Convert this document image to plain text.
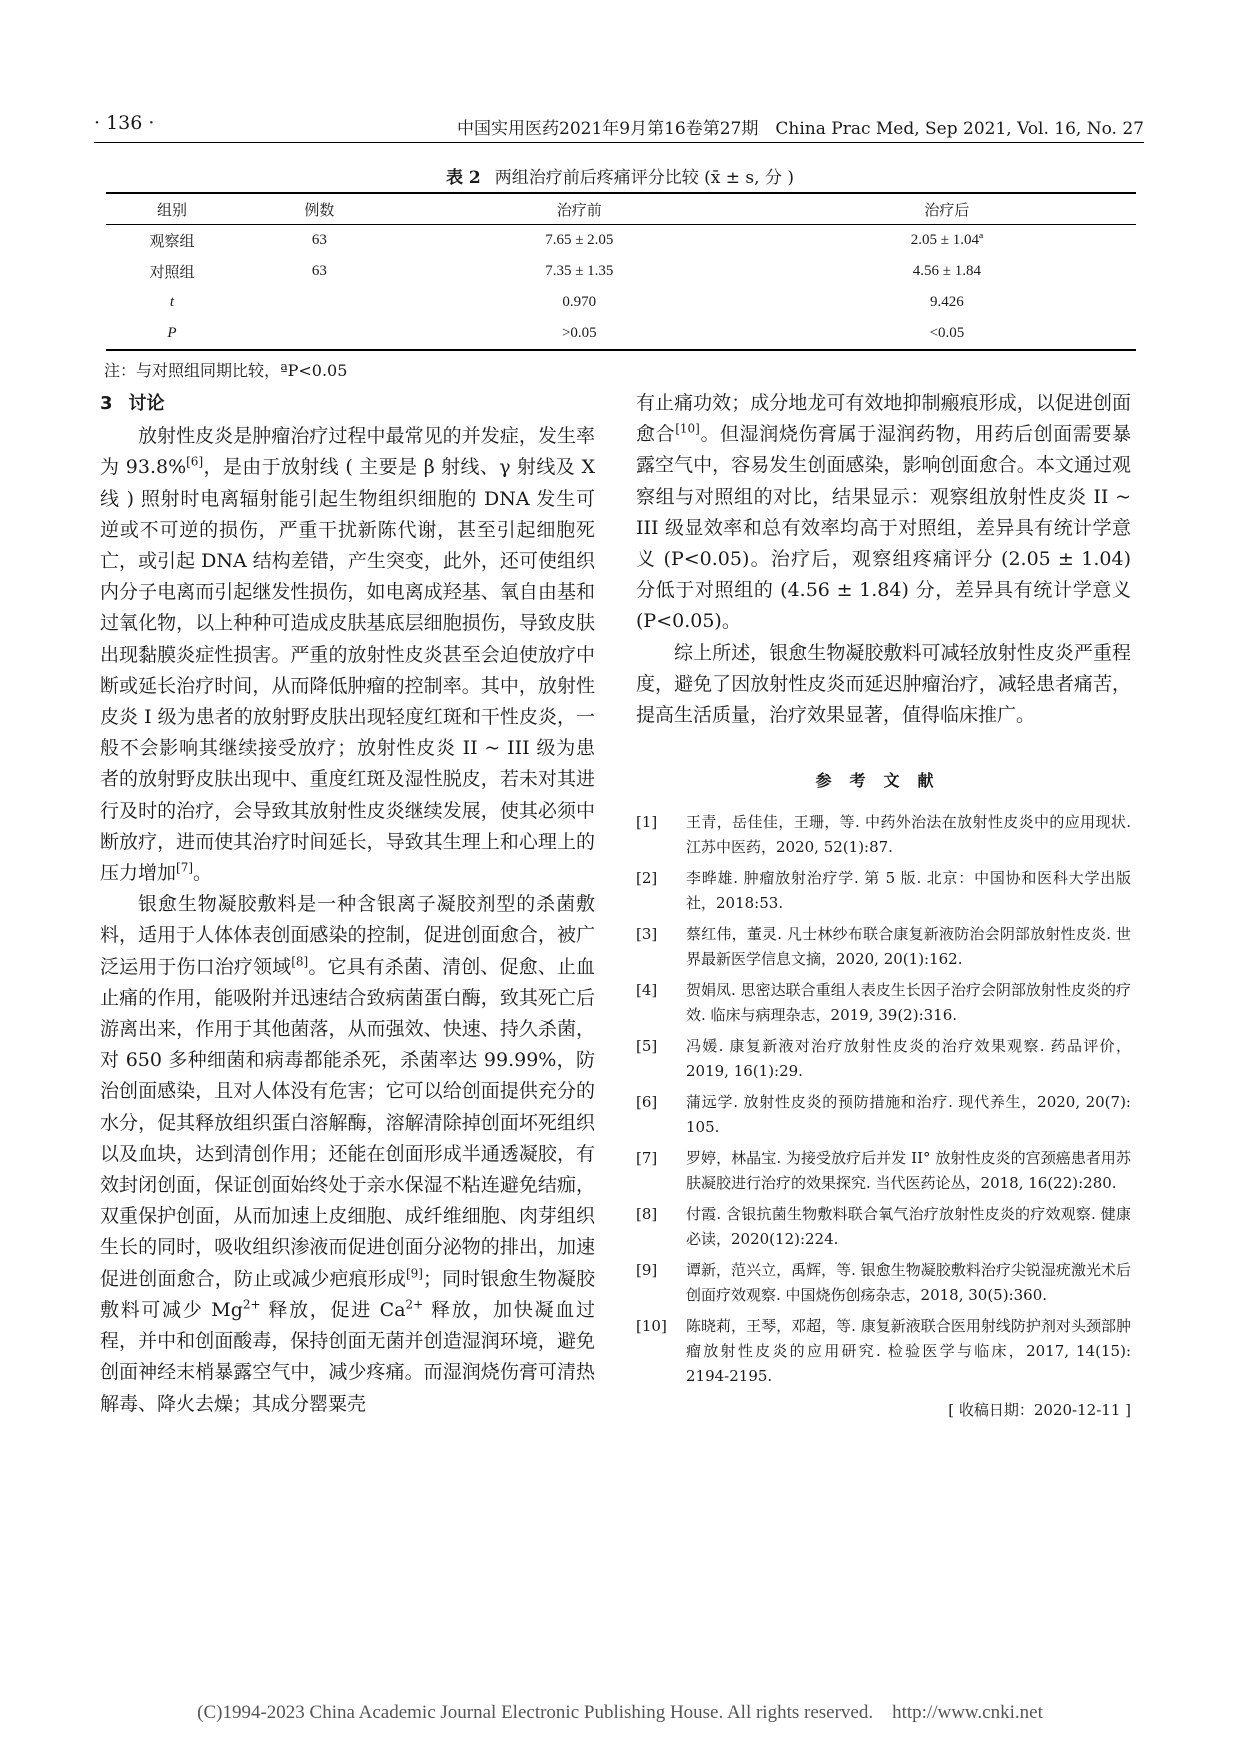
· 136 ·	中国实用医药2021年9月第16卷第27期　China Prac Med, Sep 2021, Vol. 16, No. 27
表 2 两组治疗前后疼痛评分比较 (x̄ ± s, 分 )
组别	例数	治疗前	治疗后
观察组	63	7.65 ± 2.05	2.05 ± 1.04ª
对照组	63	7.35 ± 1.35	4.56 ± 1.84
t		0.970	9.426
P		>0.05	<0.05
注：与对照组同期比较，ªP<0.05
3 讨论

放射性皮炎是肿瘤治疗过程中最常见的并发症，发生率为 93.8%[6]，是由于放射线 ( 主要是 β 射线、γ 射线及 X 线 ) 照射时电离辐射能引起生物组织细胞的 DNA 发生可逆或不可逆的损伤，严重干扰新陈代谢，甚至引起细胞死亡，或引起 DNA 结构差错，产生突变，此外，还可使组织内分子电离而引起继发性损伤，如电离成羟基、氧自由基和过氧化物，以上种种可造成皮肤基底层细胞损伤，导致皮肤出现黏膜炎症性损害。严重的放射性皮炎甚至会迫使放疗中断或延长治疗时间，从而降低肿瘤的控制率。其中，放射性皮炎 I 级为患者的放射野皮肤出现轻度红斑和干性皮炎，一般不会影响其继续接受放疗；放射性皮炎 II ~ III 级为患者的放射野皮肤出现中、重度红斑及湿性脱皮，若未对其进行及时的治疗，会导致其放射性皮炎继续发展，使其必须中断放疗，进而使其治疗时间延长，导致其生理上和心理上的压力增加[7]。

银愈生物凝胶敷料是一种含银离子凝胶剂型的杀菌敷料，适用于人体体表创面感染的控制，促进创面愈合，被广泛运用于伤口治疗领域[8]。它具有杀菌、清创、促愈、止血止痛的作用，能吸附并迅速结合致病菌蛋白酶，致其死亡后游离出来，作用于其他菌落，从而强效、快速、持久杀菌，对 650 多种细菌和病毒都能杀死，杀菌率达 99.99%，防治创面感染，且对人体没有危害；它可以给创面提供充分的水分，促其释放组织蛋白溶解酶，溶解清除掉创面坏死组织以及血块，达到清创作用；还能在创面形成半通透凝胶，有效封闭创面，保证创面始终处于亲水保湿不粘连避免结痂，双重保护创面，从而加速上皮细胞、成纤维细胞、肉芽组织生长的同时，吸收组织渗液而促进创面分泌物的排出，加速促进创面愈合，防止或减少疤痕形成[9]；同时银愈生物凝胶敷料可减少 $Mg^{2+}$ 释放，促进 $Ca^{2+}$ 释放，加快凝血过程，并中和创面酸毒，保持创面无菌并创造湿润环境，避免创面神经末梢暴露空气中，减少疼痛。而湿润烧伤膏可清热解毒、降火去燥；其成分罂粟壳

有止痛功效；成分地龙可有效地抑制瘢痕形成，以促进创面愈合[10]。但湿润烧伤膏属于湿润药物，用药后创面需要暴露空气中，容易发生创面感染，影响创面愈合。本文通过观察组与对照组的对比，结果显示：观察组放射性皮炎 II ~ III 级显效率和总有效率均高于对照组，差异具有统计学意义 (P<0.05)。治疗后，观察组疼痛评分 (2.05 ± 1.04) 分低于对照组的 (4.56 ± 1.84) 分，差异具有统计学意义 (P<0.05)。

综上所述，银愈生物凝胶敷料可减轻放射性皮炎严重程度，避免了因放射性皮炎而延迟肿瘤治疗，减轻患者痛苦，提高生活质量，治疗效果显著，值得临床推广。

参考文献
[1]	王青，岳佳佳，王珊，等. 中药外治法在放射性皮炎中的应用现状. 江苏中医药，2020, 52(1):87.
[2]	李晔雄. 肿瘤放射治疗学. 第 5 版. 北京：中国协和医科大学出版社，2018:53.
[3]	蔡红伟，董灵. 凡士林纱布联合康复新液防治会阴部放射性皮炎. 世界最新医学信息文摘，2020, 20(1):162.
[4]	贺娟凤. 思密达联合重组人表皮生长因子治疗会阴部放射性皮炎的疗效. 临床与病理杂志，2019, 39(2):316.
[5]	冯媛. 康复新液对治疗放射性皮炎的治疗效果观察. 药品评价，2019, 16(1):29.
[6]	蒲远学. 放射性皮炎的预防措施和治疗. 现代养生，2020, 20(7): 105.
[7]	罗婷，林晶宝. 为接受放疗后并发 II° 放射性皮炎的宫颈癌患者用苏肤凝胶进行治疗的效果探究. 当代医药论丛，2018, 16(22):280.
[8]	付霞. 含银抗菌生物敷料联合氧气治疗放射性皮炎的疗效观察. 健康必读，2020(12):224.
[9]	谭新，范兴立，禹辉，等. 银愈生物凝胶敷料治疗尖锐湿疣激光术后创面疗效观察. 中国烧伤创疡杂志，2018, 30(5):360.
[10]	陈晓莉，王琴，邓超，等. 康复新液联合医用射线防护剂对头颈部肿瘤放射性皮炎的应用研究. 检验医学与临床，2017, 14(15): 2194-2195.
[ 收稿日期：2020-12-11 ]
(C)1994-2023 China Academic Journal Electronic Publishing House. All rights reserved.　http://www.cnki.net
